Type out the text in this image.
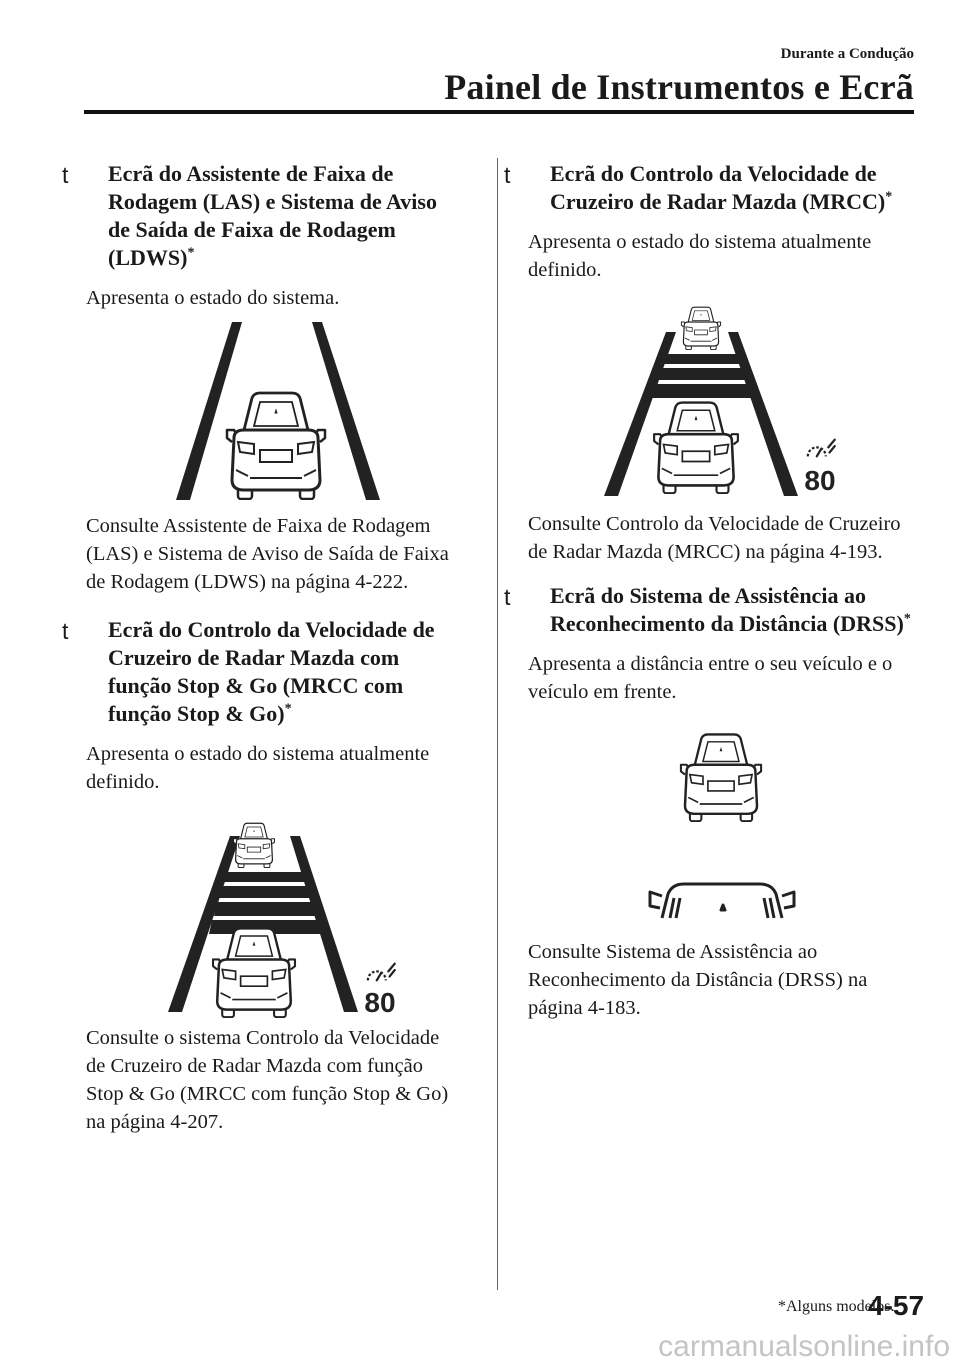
Durante a Condução
Painel de Instrumentos e Ecrã
t Ecrã do Assistente de Faixa de Rodagem (LAS) e Sistema de Aviso de Saída de Faixa de Rodagem (LDWS)*

Apresenta o estado do sistema.

Consulte Assistente de Faixa de Rodagem (LAS) e Sistema de Aviso de Saída de Faixa de Rodagem (LDWS) na página 4-222.

t Ecrã do Controlo da Velocidade de Cruzeiro de Radar Mazda com função Stop & Go (MRCC com função Stop & Go)*

Apresenta o estado do sistema atualmente definido.

80

Consulte o sistema Controlo da Velocidade de Cruzeiro de Radar Mazda com função Stop & Go (MRCC com função Stop & Go) na página 4-207.

t Ecrã do Controlo da Velocidade de Cruzeiro de Radar Mazda (MRCC)*

Apresenta o estado do sistema atualmente definido.

80

Consulte Controlo da Velocidade de Cruzeiro de Radar Mazda (MRCC) na página 4-193.

t Ecrã do Sistema de Assistência ao Reconhecimento da Distância (DRSS)*

Apresenta a distância entre o seu veículo e o veículo em frente.

Consulte Sistema de Assistência ao Reconhecimento da Distância (DRSS) na página 4-183.

*Alguns modelos.
4-57
carmanualsonline.info
